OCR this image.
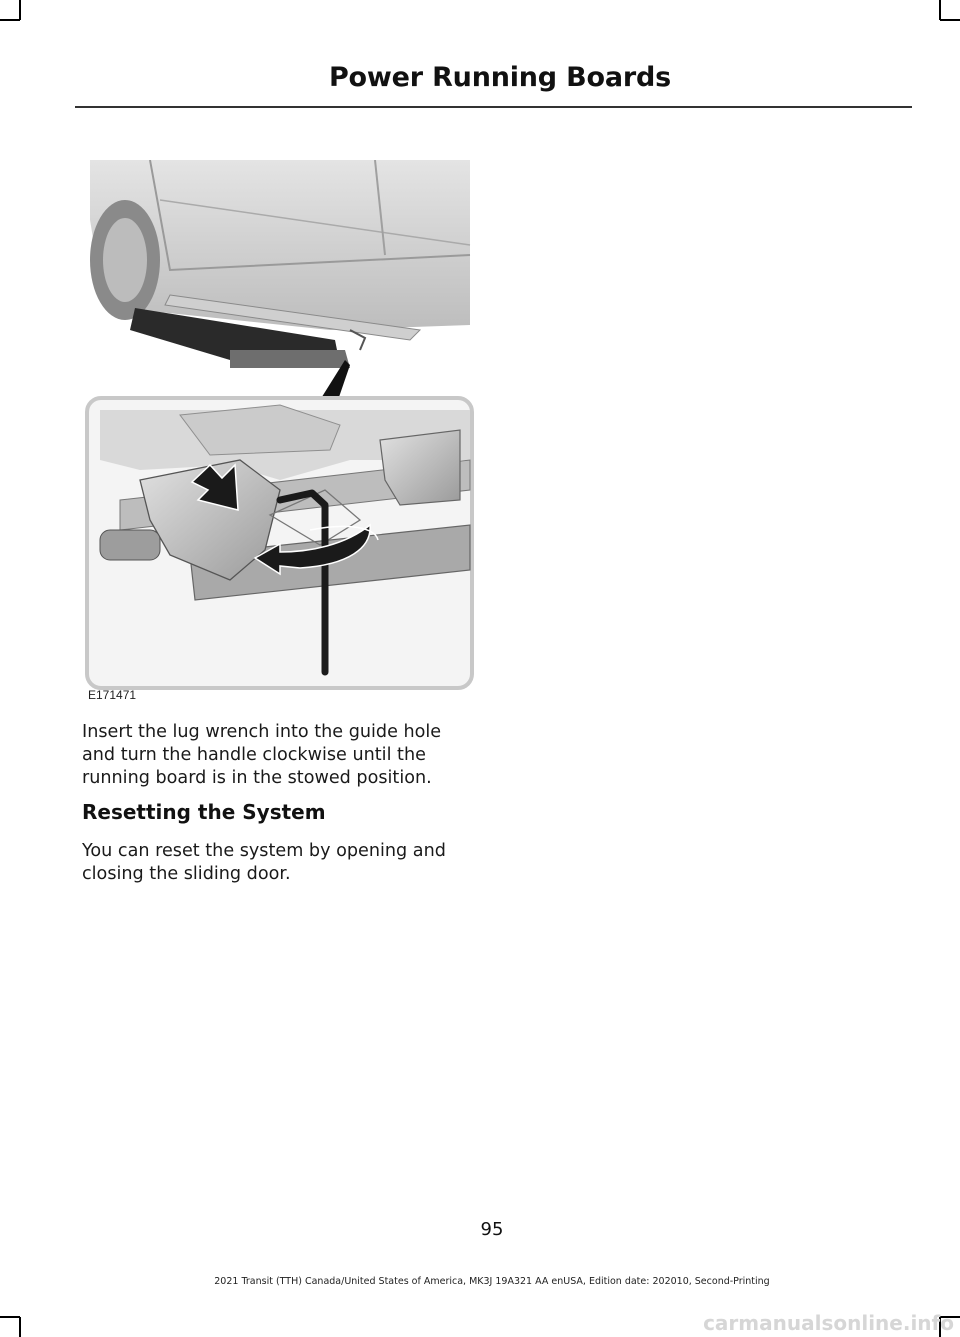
Power Running Boards
E171471

Insert the lug wrench into the guide hole

and turn the handle clockwise until the

running board is in the stowed position.

Resetting the System

You can reset the system by opening and

closing the sliding door.

95
2021 Transit (TTH) Canada/United States of America, MK3J 19A321 AA enUSA, Edition date: 202010, Second-Printing
carmanualsonline.info
